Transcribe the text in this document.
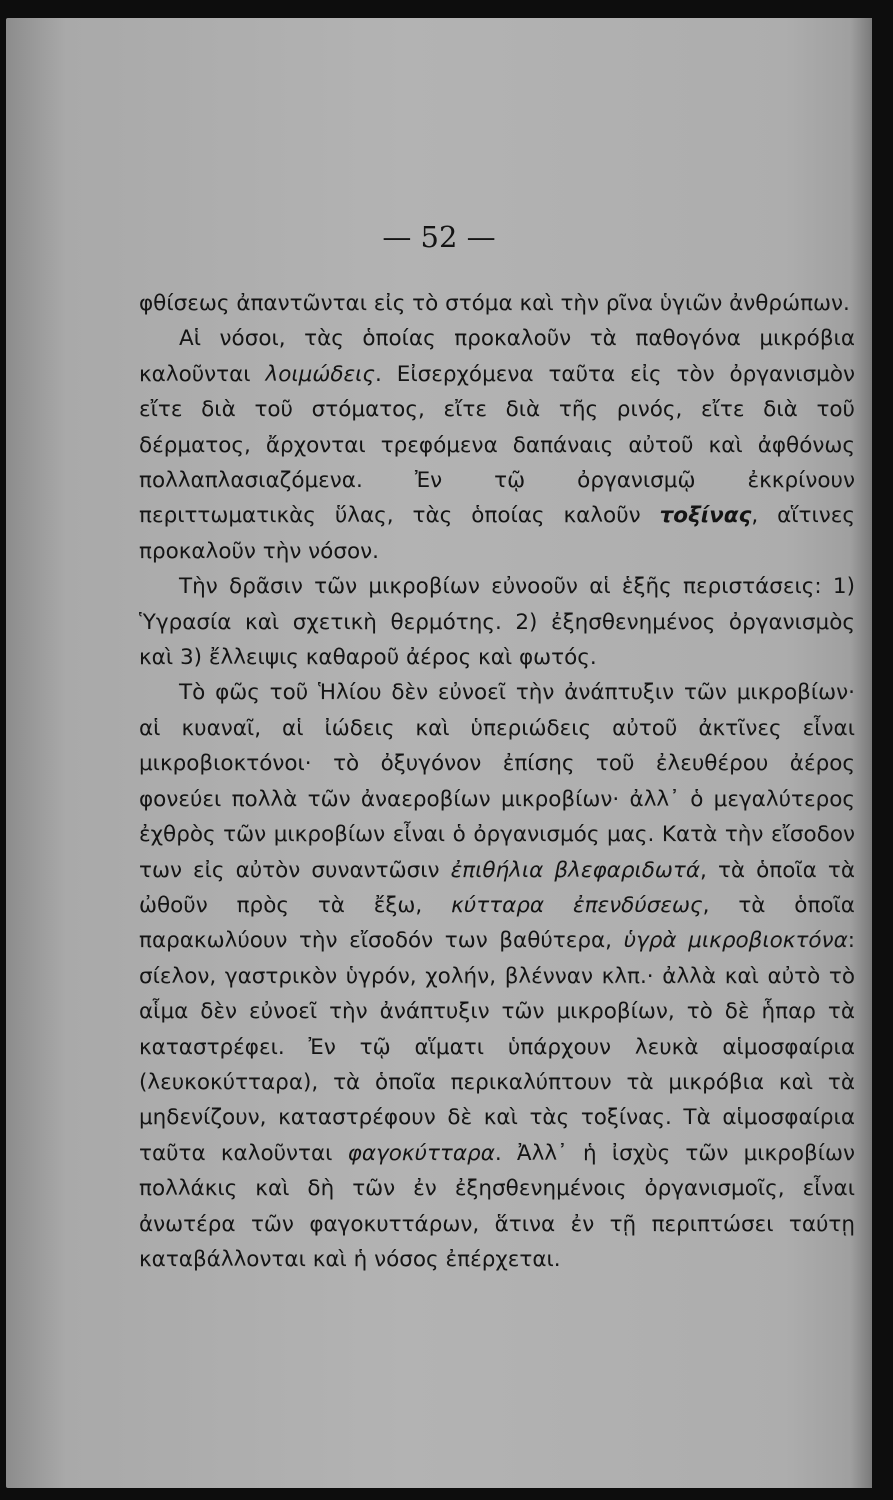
— 52 —

φθίσεως ἀπαντῶνται εἰς τὸ στόμα καὶ τὴν ρῖνα ὑγιῶν ἀνθρώπων.

Αἱ νόσοι, τὰς ὁποίας προκαλοῦν τὰ παθογόνα μικρόβια καλοῦνται λοιμώδεις. Εἰσερχόμενα ταῦτα εἰς τὸν ὀργανισμὸν εἴτε διὰ τοῦ στόματος, εἴτε διὰ τῆς ρινός, εἴτε διὰ τοῦ δέρματος, ἄρχονται τρεφόμενα δαπάναις αὐτοῦ καὶ ἀφθόνως πολλαπλασιαζόμενα. Ἐν τῷ ὀργανισμῷ ἐκκρίνουν περιττωματικὰς ὕλας, τὰς ὁποίας καλοῦν τοξίνας, αἵτινες προκαλοῦν τὴν νόσον.

Τὴν δρᾶσιν τῶν μικροβίων εὐνοοῦν αἱ ἑξῆς περιστάσεις: 1) Ὑγρασία καὶ σχετικὴ θερμότης. 2) ἐξησθενημένος ὀργανισμὸς καὶ 3) ἔλλειψις καθαροῦ ἀέρος καὶ φωτός.

Τὸ φῶς τοῦ Ἡλίου δὲν εὐνοεῖ τὴν ἀνάπτυξιν τῶν μικροβίων· αἱ κυαναῖ, αἱ ἰώδεις καὶ ὑπεριώδεις αὐτοῦ ἀκτῖνες εἶναι μικροβιοκτόνοι· τὸ ὀξυγόνον ἐπίσης τοῦ ἐλευθέρου ἀέρος φονεύει πολλὰ τῶν ἀναεροβίων μικροβίων· ἀλλ᾽ ὁ μεγαλύτερος ἐχθρὸς τῶν μικροβίων εἶναι ὁ ὀργανισμός μας. Κατὰ τὴν εἴσοδον των εἰς αὐτὸν συναντῶσιν ἐπιθήλια βλεφαριδωτά, τὰ ὁποῖα τὰ ὠθοῦν πρὸς τὰ ἔξω, κύτταρα ἐπενδύσεως, τὰ ὁποῖα παρακωλύουν τὴν εἴσοδόν των βαθύτερα, ὑγρὰ μικροβιοκτόνα: σίελον, γαστρικὸν ὑγρόν, χολήν, βλένναν κλπ.· ἀλλὰ καὶ αὐτὸ τὸ αἷμα δὲν εὐνοεῖ τὴν ἀνάπτυξιν τῶν μικροβίων, τὸ δὲ ἧπαρ τὰ καταστρέφει. Ἐν τῷ αἵματι ὑπάρχουν λευκὰ αἱμοσφαίρια (λευκοκύτταρα), τὰ ὁποῖα περικαλύπτουν τὰ μικρόβια καὶ τὰ μηδενίζουν, καταστρέφουν δὲ καὶ τὰς τοξίνας. Τὰ αἱμοσφαίρια ταῦτα καλοῦνται φαγοκύτταρα. Ἀλλ᾽ ἡ ἰσχὺς τῶν μικροβίων πολλάκις καὶ δὴ τῶν ἐν ἐξησθενημένοις ὀργανισμοῖς, εἶναι ἀνωτέρα τῶν φαγοκυττάρων, ἅτινα ἐν τῇ περιπτώσει ταύτῃ καταβάλλονται καὶ ἡ νόσος ἐπέρχεται.
